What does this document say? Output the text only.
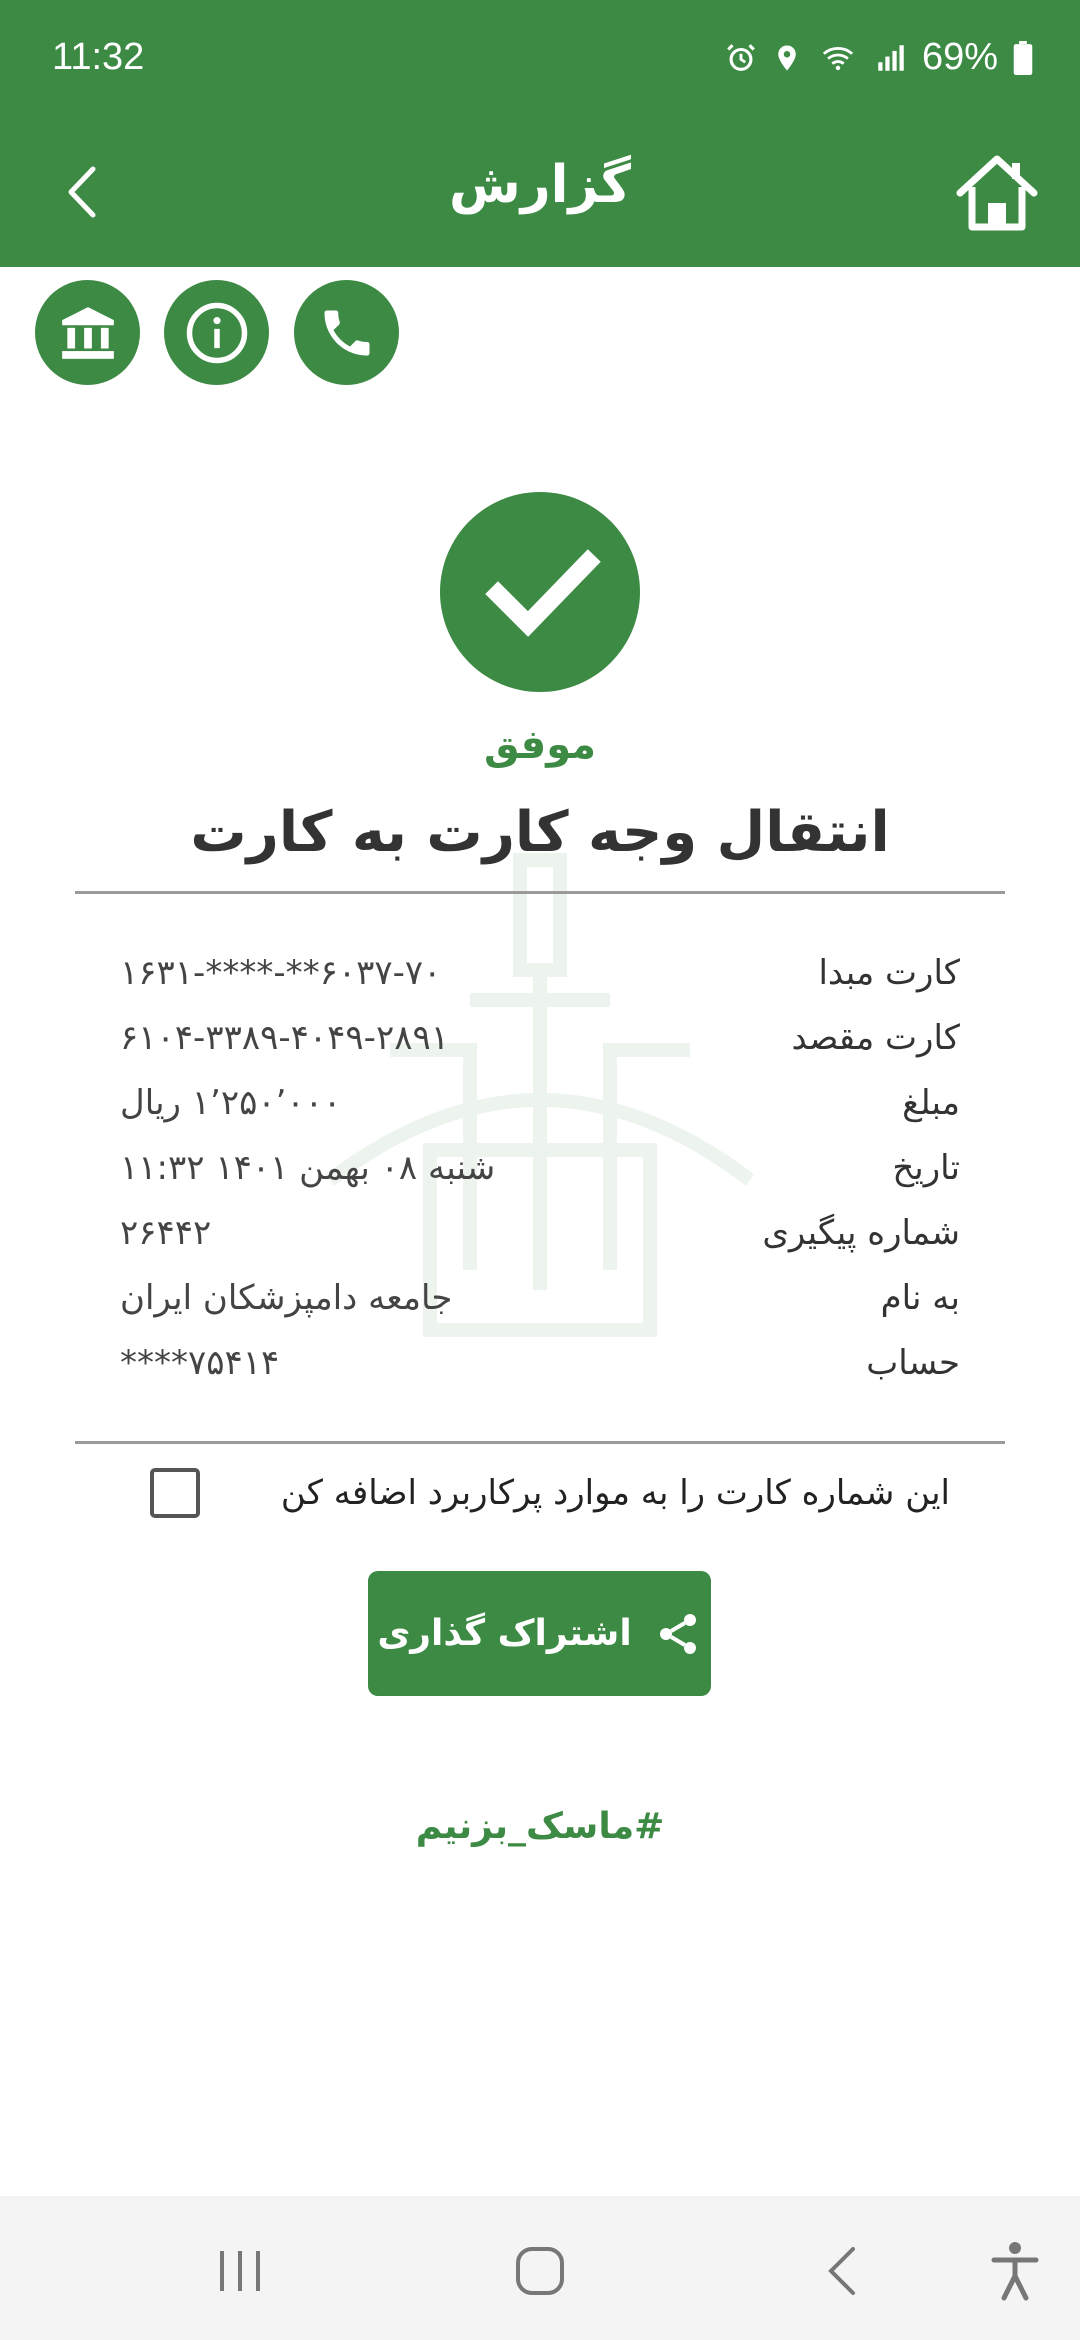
11:32	69%
گزارش
موفق
انتقال وجه کارت به کارت
کارت مبدا
۶۰۳۷-۷۰**-****-۱۶۳۱
کارت مقصد
۶۱۰۴-۳۳۸۹-۴۰۴۹-۲۸۹۱
مبلغ
۱٬۲۵۰٬۰۰۰ ریال
تاریخ
شنبه ۰۸ بهمن ۱۴۰۱ ۱۱:۳۲
شماره پیگیری
۲۶۴۴۲
به نام
جامعه دامپزشکان ایران
حساب
۷۵۴۱۴****
این شماره کارت را به موارد پرکاربرد اضافه کن
اشتراک گذاری
#ماسک_بزنیم
